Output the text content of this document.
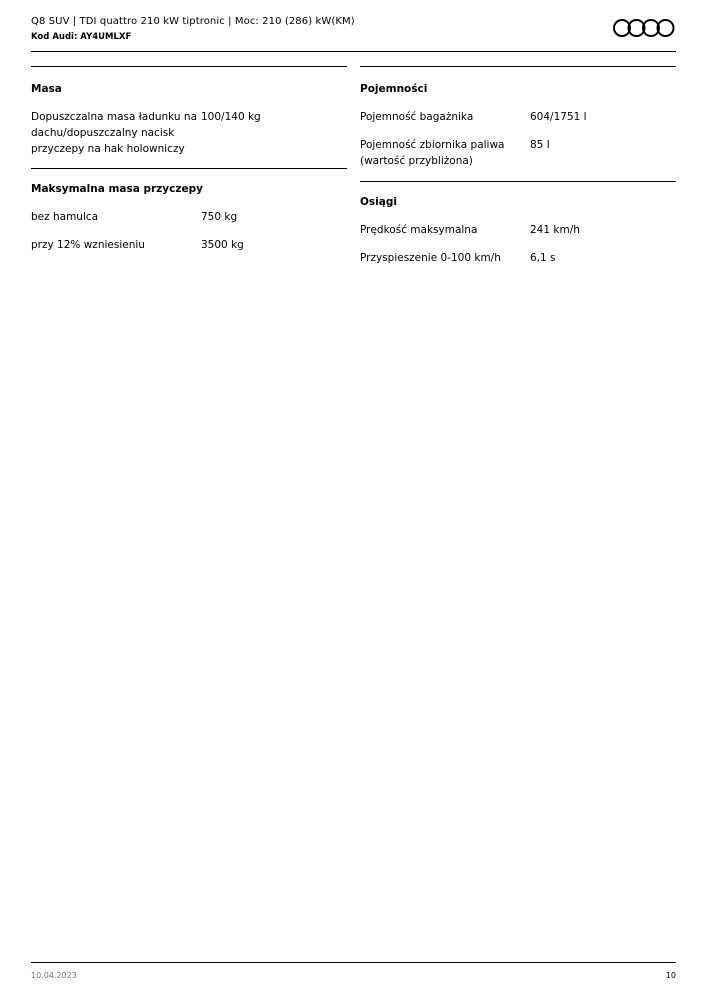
Q8 SUV | TDI quattro 210 kW tiptronic | Moc: 210 (286) kW(KM)
Kod Audi: AY4UMLXF
Masa
Dopuszczalna masa ładunku na dachu/dopuszczalny nacisk przyczepy na hak holowniczy
100/140 kg
Maksymalna masa przyczepy
bez hamulca	750 kg
przy 12% wzniesieniu	3500 kg
Pojemności
Pojemność bagażnika	604/1751 l
Pojemność zbiornika paliwa (wartość przybliżona)
85 l
Osiągi
Prędkość maksymalna	241 km/h
Przyspieszenie 0-100 km/h	6,1 s
10.04.2023	10
